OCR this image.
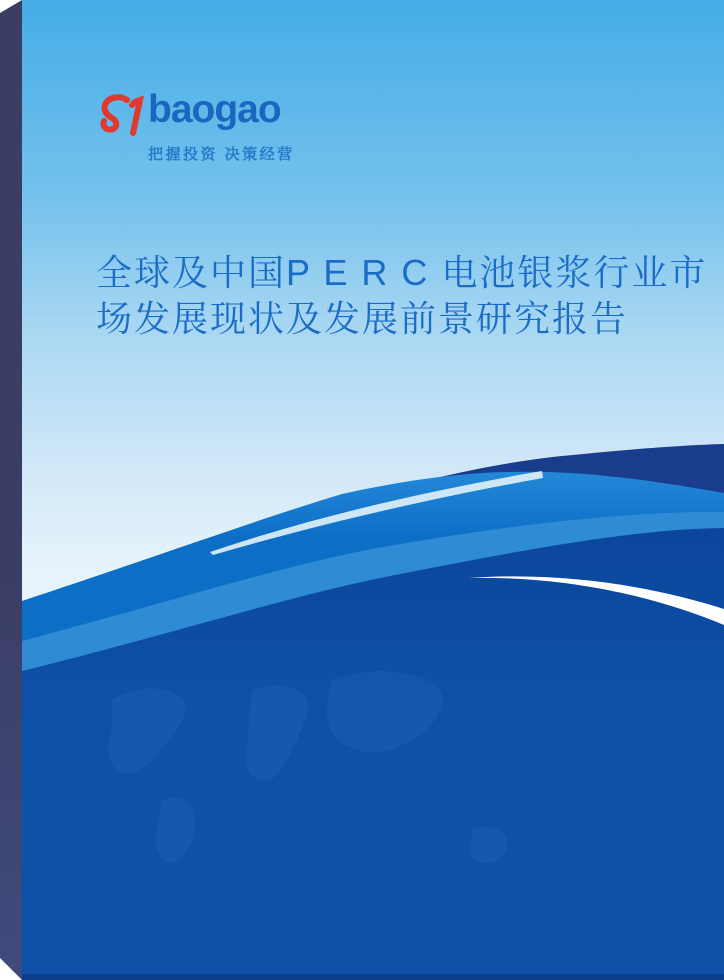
baogao
把握投资 决策经营
全球及中国P E R C 电池银浆行业市
场发展现状及发展前景研究报告
